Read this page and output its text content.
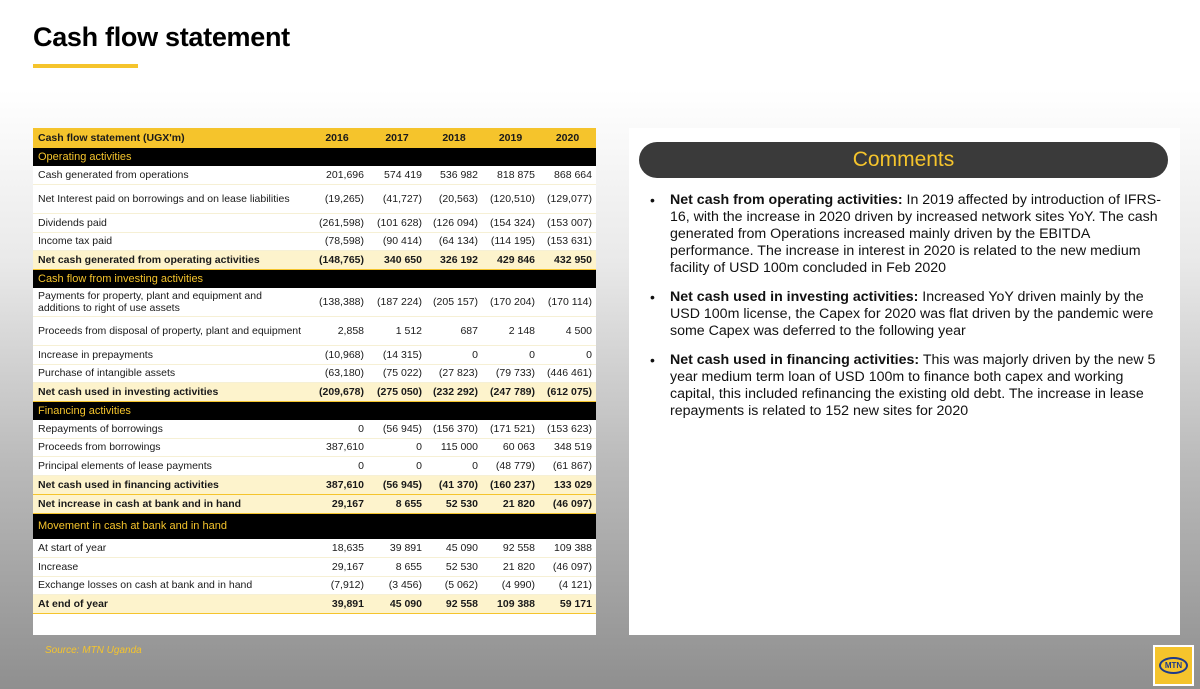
Cash flow statement
Cash flow statement (UGX'm)	2016	2017	2018	2019	2020
Operating activities					
Cash generated from operations	201,696	574 419	536 982	818 875	868 664
Net Interest paid on borrowings and on lease liabilities	(19,265)	(41,727)	(20,563)	(120,510)	(129,077)
Dividends paid	(261,598)	(101 628)	(126 094)	(154 324)	(153 007)
Income tax paid	(78,598)	(90 414)	(64 134)	(114 195)	(153 631)
Net cash generated from operating activities	(148,765)	340 650	326 192	429 846	432 950
Cash flow from investing activities					
Payments for property, plant and equipment and additions to right of use assets	(138,388)	(187 224)	(205 157)	(170 204)	(170 114)
Proceeds from disposal of property, plant and equipment	2,858	1 512	687	2 148	4 500
Increase in prepayments	(10,968)	(14 315)	0	0	0
Purchase of intangible assets	(63,180)	(75 022)	(27 823)	(79 733)	(446 461)
Net cash used in investing activities	(209,678)	(275 050)	(232 292)	(247 789)	(612 075)
Financing activities					
Repayments of borrowings	0	(56 945)	(156 370)	(171 521)	(153 623)
Proceeds from borrowings	387,610	0	115 000	60 063	348 519
Principal elements of lease payments	0	0	0	(48 779)	(61 867)
Net cash used in financing activities	387,610	(56 945)	(41 370)	(160 237)	133 029
Net increase in cash at bank and in hand	29,167	8 655	52 530	21 820	(46 097)
Movement in cash at bank and in hand					
At start of year	18,635	39 891	45 090	92 558	109 388
Increase	29,167	8 655	52 530	21 820	(46 097)
Exchange losses on cash at bank and in hand	(7,912)	(3 456)	(5 062)	(4 990)	(4 121)
At end of year	39,891	45 090	92 558	109 388	59 171
Source: MTN Uganda
Comments
• Net cash from operating activities: In 2019 affected by introduction of IFRS-16, with the increase in 2020 driven by increased network sites YoY. The cash generated from Operations increased mainly driven by the EBITDA performance. The increase in interest in 2020 is related to the new medium facility of USD 100m concluded in Feb 2020
• Net cash used in investing activities: Increased YoY driven mainly by the USD 100m license, the Capex for 2020 was flat driven by the pandemic were some Capex was deferred to the following year
• Net cash used in financing activities: This was majorly driven by the new 5 year medium term loan of USD 100m to finance both capex and working capital, this included refinancing the existing old debt. The increase in lease repayments is related to 152 new sites for 2020
MTN
